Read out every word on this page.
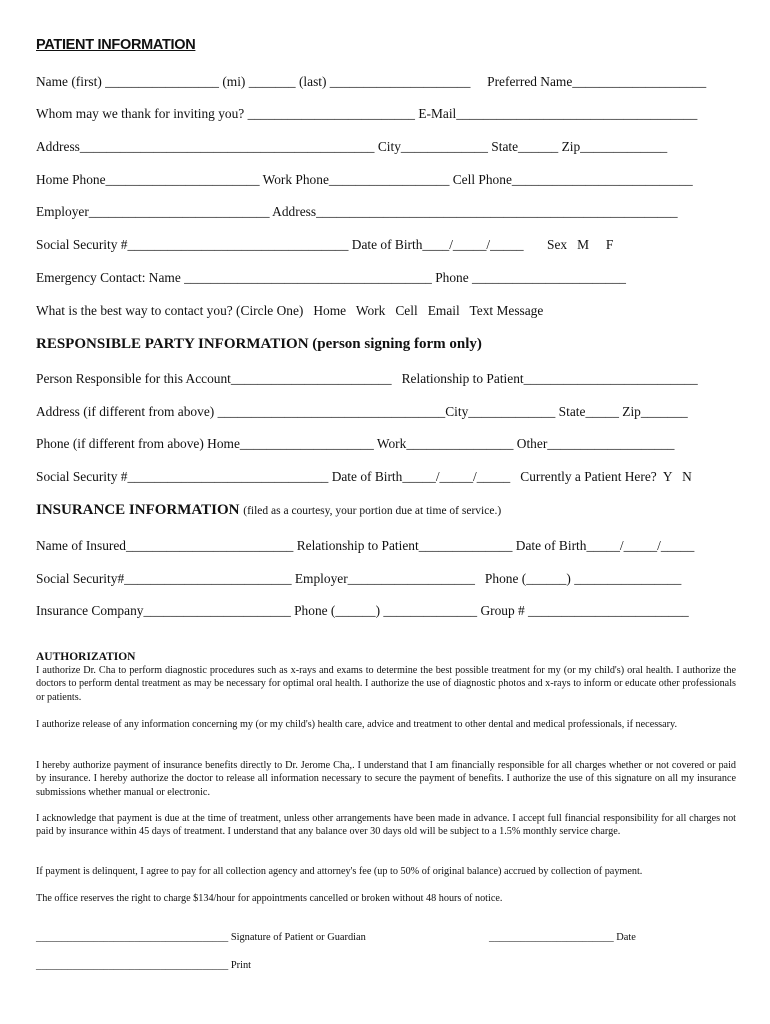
PATIENT INFORMATION
Name (first) _________________ (mi) _______ (last) _____________________     Preferred Name____________________
Whom may we thank for inviting you? _________________________ E-Mail____________________________________
Address____________________________________________ City_____________ State______ Zip_____________
Home Phone_______________________ Work Phone__________________ Cell Phone___________________________
Employer___________________________ Address______________________________________________________
Social Security #_________________________________ Date of Birth____/_____/_____       Sex   M     F
Emergency Contact: Name _____________________________________ Phone _______________________
What is the best way to contact you? (Circle One)   Home   Work   Cell   Email   Text Message
RESPONSIBLE PARTY INFORMATION (person signing form only)
Person Responsible for this Account________________________   Relationship to Patient__________________________
Address (if different from above) __________________________________City_____________ State_____ Zip_______
Phone (if different from above) Home____________________ Work________________ Other___________________
Social Security #______________________________ Date of Birth_____/_____/_____   Currently a Patient Here?  Y   N
INSURANCE INFORMATION (filed as a courtesy, your portion due at time of service.)
Name of Insured_________________________ Relationship to Patient______________ Date of Birth_____/_____/_____
Social Security#_________________________ Employer___________________   Phone (______) ________________
Insurance Company______________________ Phone (______) ______________ Group # ________________________
AUTHORIZATION
I authorize Dr. Cha to perform diagnostic procedures such as x-rays and exams to determine the best possible treatment for my (or my child's) oral health. I authorize the doctors to perform dental treatment as may be necessary for optimal oral health. I authorize the use of diagnostic photos and x-rays to inform or educate other professionals or patients.
I authorize release of any information concerning my (or my child's) health care, advice and treatment to other dental and medical professionals, if necessary.
I hereby authorize payment of insurance benefits directly to Dr. Jerome Cha,. I understand that I am financially responsible for all charges whether or not covered or paid by insurance. I hereby authorize the doctor to release all information necessary to secure the payment of benefits. I authorize the use of this signature on all my insurance submissions whether manual or electronic.
I acknowledge that payment is due at the time of treatment, unless other arrangements have been made in advance. I accept full financial responsibility for all charges not paid by insurance within 45 days of treatment. I understand that any balance over 30 days old will be subject to a 1.5% monthly service charge.
If payment is delinquent, I agree to pay for all collection agency and attorney's fee (up to 50% of original balance) accrued by collection of payment.
The office reserves the right to charge $134/hour for appointments cancelled or broken without 48 hours of notice.
_____________________________________ Signature of Patient or Guardian	________________________ Date
_____________________________________ Print
